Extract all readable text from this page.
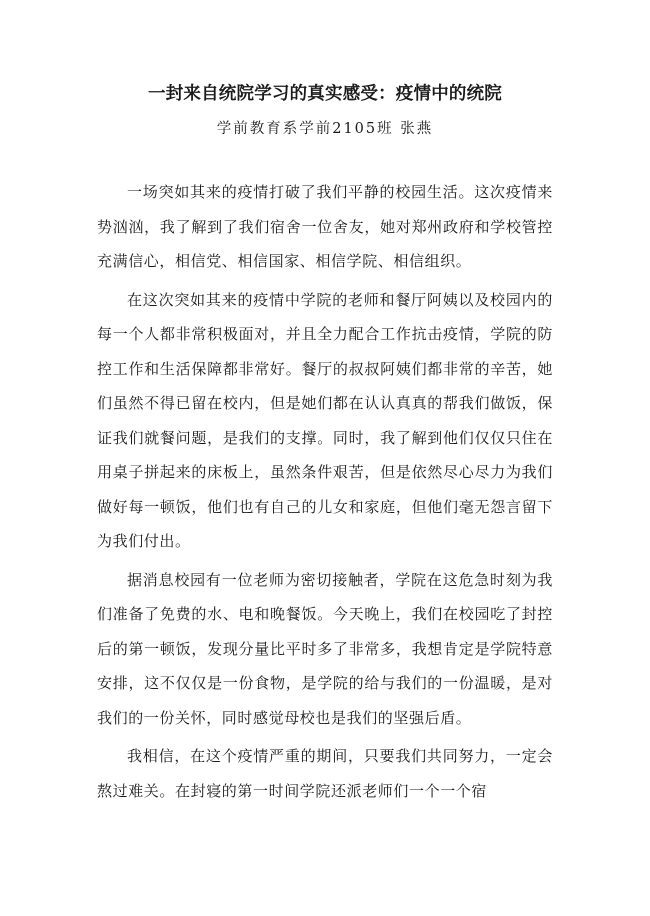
一封来自统院学习的真实感受：疫情中的统院

学前教育系学前2105班 张燕

一场突如其来的疫情打破了我们平静的校园生活。这次疫情来势汹汹，我了解到了我们宿舍一位舍友，她对郑州政府和学校管控充满信心，相信党、相信国家、相信学院、相信组织。

在这次突如其来的疫情中学院的老师和餐厅阿姨以及校园内的每一个人都非常积极面对，并且全力配合工作抗击疫情，学院的防控工作和生活保障都非常好。餐厅的叔叔阿姨们都非常的辛苦，她们虽然不得已留在校内，但是她们都在认认真真的帮我们做饭，保证我们就餐问题，是我们的支撑。同时，我了解到他们仅仅只住在用桌子拼起来的床板上，虽然条件艰苦，但是依然尽心尽力为我们做好每一顿饭，他们也有自己的儿女和家庭，但他们毫无怨言留下为我们付出。

据消息校园有一位老师为密切接触者，学院在这危急时刻为我们准备了免费的水、电和晚餐饭。今天晚上，我们在校园吃了封控后的第一顿饭，发现分量比平时多了非常多，我想肯定是学院特意安排，这不仅仅是一份食物，是学院的给与我们的一份温暖，是对我们的一份关怀，同时感觉母校也是我们的坚强后盾。

我相信，在这个疫情严重的期间，只要我们共同努力，一定会熬过难关。在封寝的第一时间学院还派老师们一个一个宿
